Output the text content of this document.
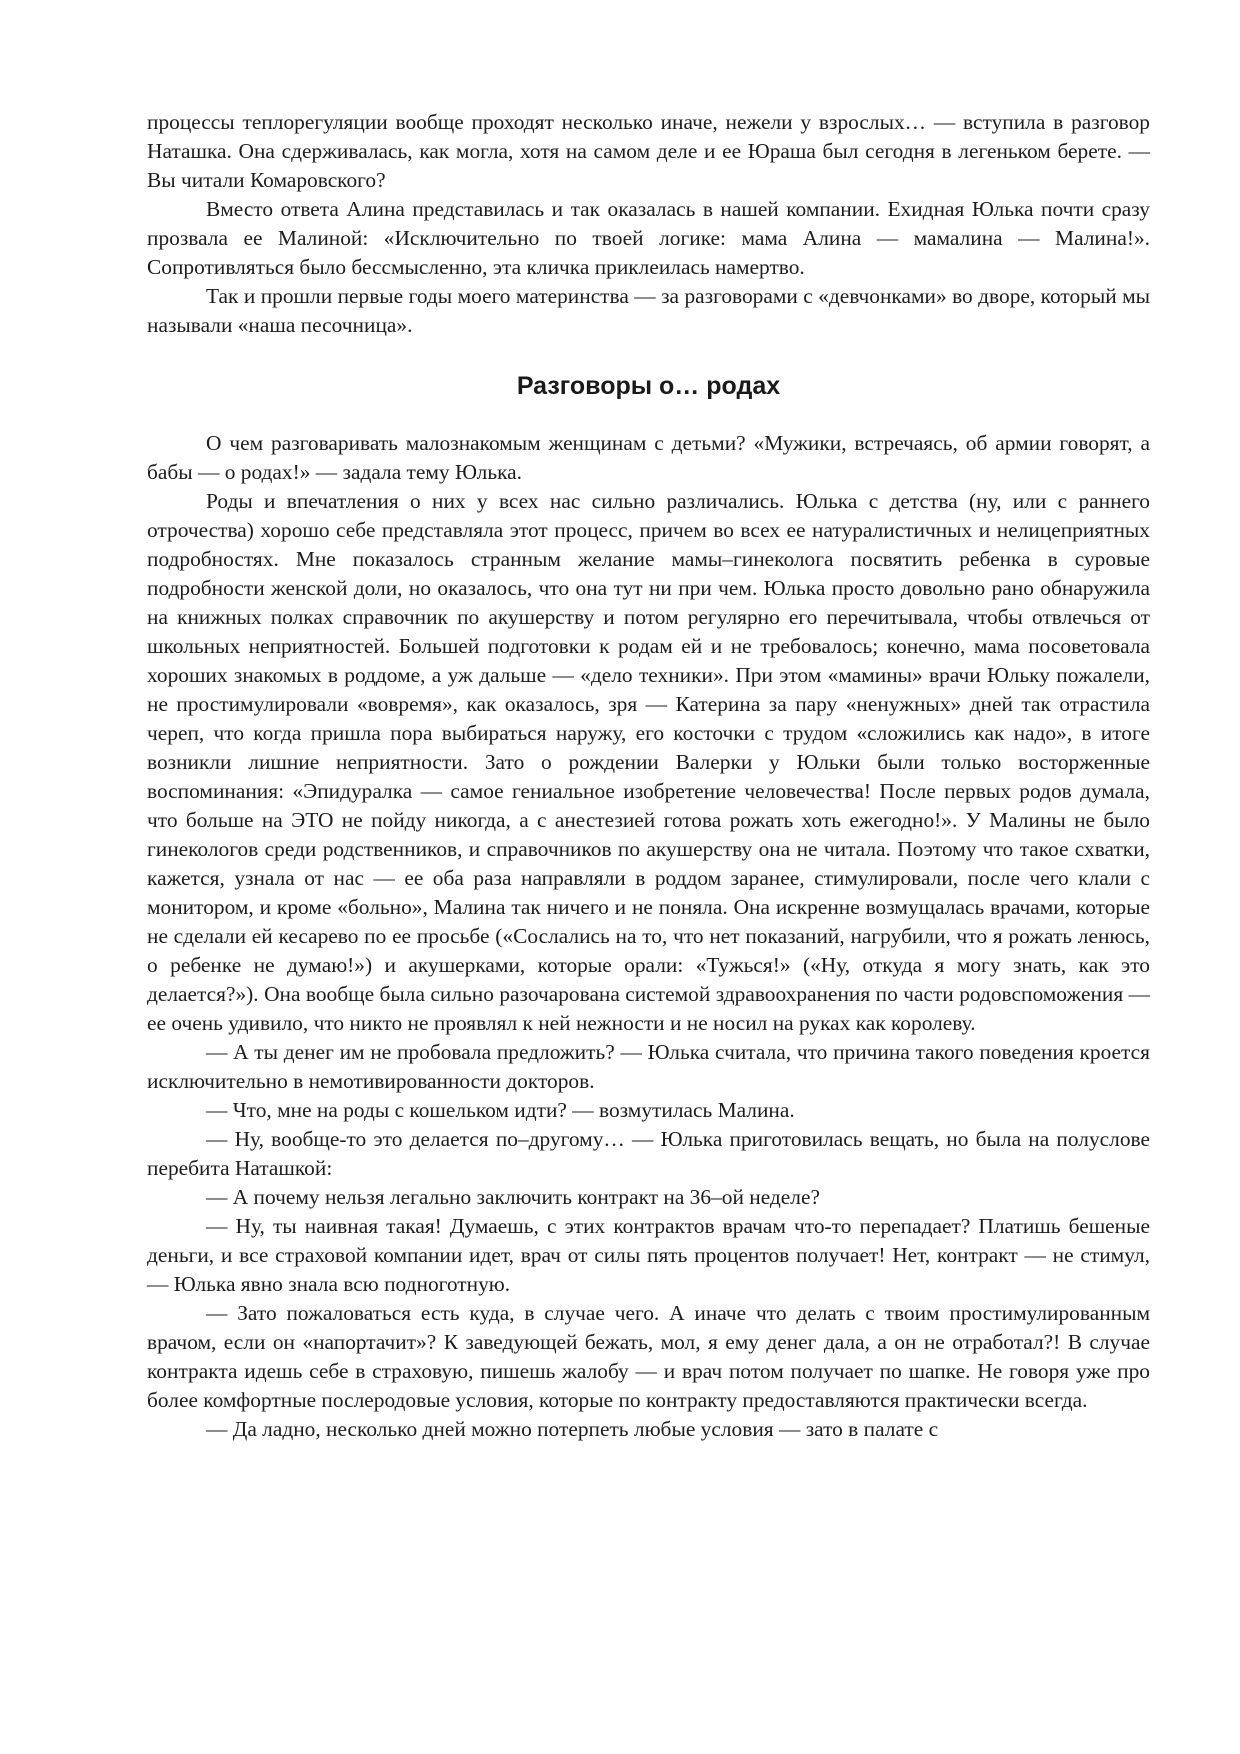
процессы теплорегуляции вообще проходят несколько иначе, нежели у взрослых… — вступила в разговор Наташка. Она сдерживалась, как могла, хотя на самом деле и ее Юраша был сегодня в легеньком берете. — Вы читали Комаровского?

Вместо ответа Алина представилась и так оказалась в нашей компании. Ехидная Юлька почти сразу прозвала ее Малиной: «Исключительно по твоей логике: мама Алина — мамалина — Малина!». Сопротивляться было бессмысленно, эта кличка приклеилась намертво.

Так и прошли первые годы моего материнства — за разговорами с «девчонками» во дворе, который мы называли «наша песочница».

Разговоры о… родах

О чем разговаривать малознакомым женщинам с детьми? «Мужики, встречаясь, об армии говорят, а бабы — о родах!» — задала тему Юлька.

Роды и впечатления о них у всех нас сильно различались. Юлька с детства (ну, или с раннего отрочества) хорошо себе представляла этот процесс, причем во всех ее натуралистичных и нелицеприятных подробностях. Мне показалось странным желание мамы–гинеколога посвятить ребенка в суровые подробности женской доли, но оказалось, что она тут ни при чем. Юлька просто довольно рано обнаружила на книжных полках справочник по акушерству и потом регулярно его перечитывала, чтобы отвлечься от школьных неприятностей. Большей подготовки к родам ей и не требовалось; конечно, мама посоветовала хороших знакомых в роддоме, а уж дальше — «дело техники». При этом «мамины» врачи Юльку пожалели, не простимулировали «вовремя», как оказалось, зря — Катерина за пару «ненужных» дней так отрастила череп, что когда пришла пора выбираться наружу, его косточки с трудом «сложились как надо», в итоге возникли лишние неприятности. Зато о рождении Валерки у Юльки были только восторженные воспоминания: «Эпидуралка — самое гениальное изобретение человечества! После первых родов думала, что больше на ЭТО не пойду никогда, а с анестезией готова рожать хоть ежегодно!». У Малины не было гинекологов среди родственников, и справочников по акушерству она не читала. Поэтому что такое схватки, кажется, узнала от нас — ее оба раза направляли в роддом заранее, стимулировали, после чего клали с монитором, и кроме «больно», Малина так ничего и не поняла. Она искренне возмущалась врачами, которые не сделали ей кесарево по ее просьбе («Сослались на то, что нет показаний, нагрубили, что я рожать ленюсь, о ребенке не думаю!») и акушерками, которые орали: «Тужься!» («Ну, откуда я могу знать, как это делается?»). Она вообще была сильно разочарована системой здравоохранения по части родовспоможения — ее очень удивило, что никто не проявлял к ней нежности и не носил на руках как королеву.

— А ты денег им не пробовала предложить? — Юлька считала, что причина такого поведения кроется исключительно в немотивированности докторов.

— Что, мне на роды с кошельком идти? — возмутилась Малина.

— Ну, вообще-то это делается по–другому… — Юлька приготовилась вещать, но была на полуслове перебита Наташкой:

— А почему нельзя легально заключить контракт на 36–ой неделе?

— Ну, ты наивная такая! Думаешь, с этих контрактов врачам что-то перепадает? Платишь бешеные деньги, и все страховой компании идет, врач от силы пять процентов получает! Нет, контракт — не стимул, — Юлька явно знала всю подноготную.

— Зато пожаловаться есть куда, в случае чего. А иначе что делать с твоим простимулированным врачом, если он «напортачит»? К заведующей бежать, мол, я ему денег дала, а он не отработал?! В случае контракта идешь себе в страховую, пишешь жалобу — и врач потом получает по шапке. Не говоря уже про более комфортные послеродовые условия, которые по контракту предоставляются практически всегда.

— Да ладно, несколько дней можно потерпеть любые условия — зато в палате с
